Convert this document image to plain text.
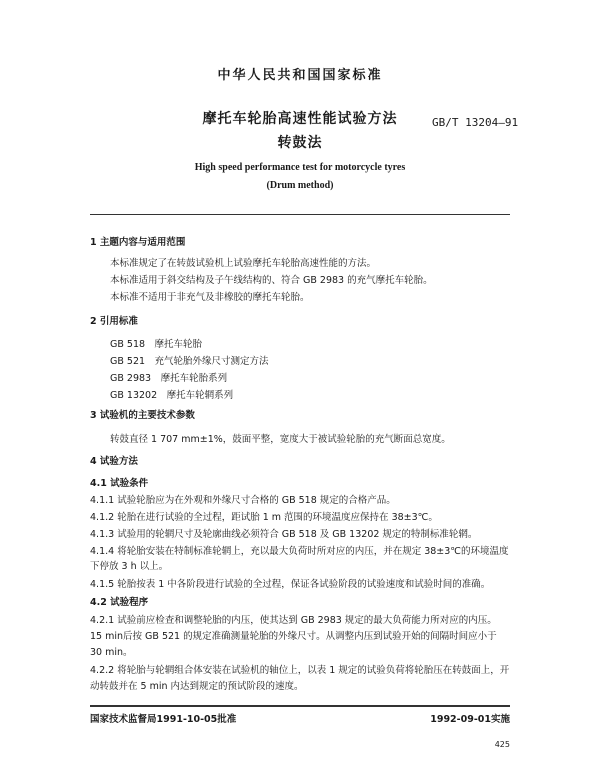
中华人民共和国国家标准
摩托车轮胎高速性能试验方法
转鼓法
GB/T 13204—91
High speed performance test for motorcycle tyres
(Drum method)
1 主题内容与适用范围
本标准规定了在转鼓试验机上试验摩托车轮胎高速性能的方法。
本标准适用于斜交结构及子午线结构的、符合 GB 2983 的充气摩托车轮胎。
本标准不适用于非充气及非橡胶的摩托车轮胎。
2 引用标准
GB 518　摩托车轮胎
GB 521　充气轮胎外缘尺寸测定方法
GB 2983　摩托车轮胎系列
GB 13202　摩托车轮辋系列
3 试验机的主要技术参数
转鼓直径 1 707 mm±1%，鼓面平整，宽度大于被试验轮胎的充气断面总宽度。
4 试验方法
4.1 试验条件
4.1.1 试验轮胎应为在外观和外缘尺寸合格的 GB 518 规定的合格产品。
4.1.2 轮胎在进行试验的全过程，距试胎 1 m 范围的环境温度应保持在 38±3℃。
4.1.3 试验用的轮辋尺寸及轮廓曲线必须符合 GB 518 及 GB 13202 规定的特制标准轮辋。
4.1.4 将轮胎安装在特制标准轮辋上，充以最大负荷时所对应的内压，并在规定 38±3℃的环境温度
下停放 3 h 以上。
4.1.5 轮胎按表 1 中各阶段进行试验的全过程，保证各试验阶段的试验速度和试验时间的准确。
4.2 试验程序
4.2.1 试验前应检查和调整轮胎的内压，使其达到 GB 2983 规定的最大负荷能力所对应的内压。
15 min后按 GB 521 的规定准确测量轮胎的外缘尺寸。从调整内压到试验开始的间隔时间应小于
30 min。
4.2.2 将轮胎与轮辋组合体安装在试验机的轴位上，以表 1 规定的试验负荷将轮胎压在转鼓面上，开
动转鼓并在 5 min 内达到规定的预试阶段的速度。
国家技术监督局1991-10-05批准	1992-09-01实施
425
